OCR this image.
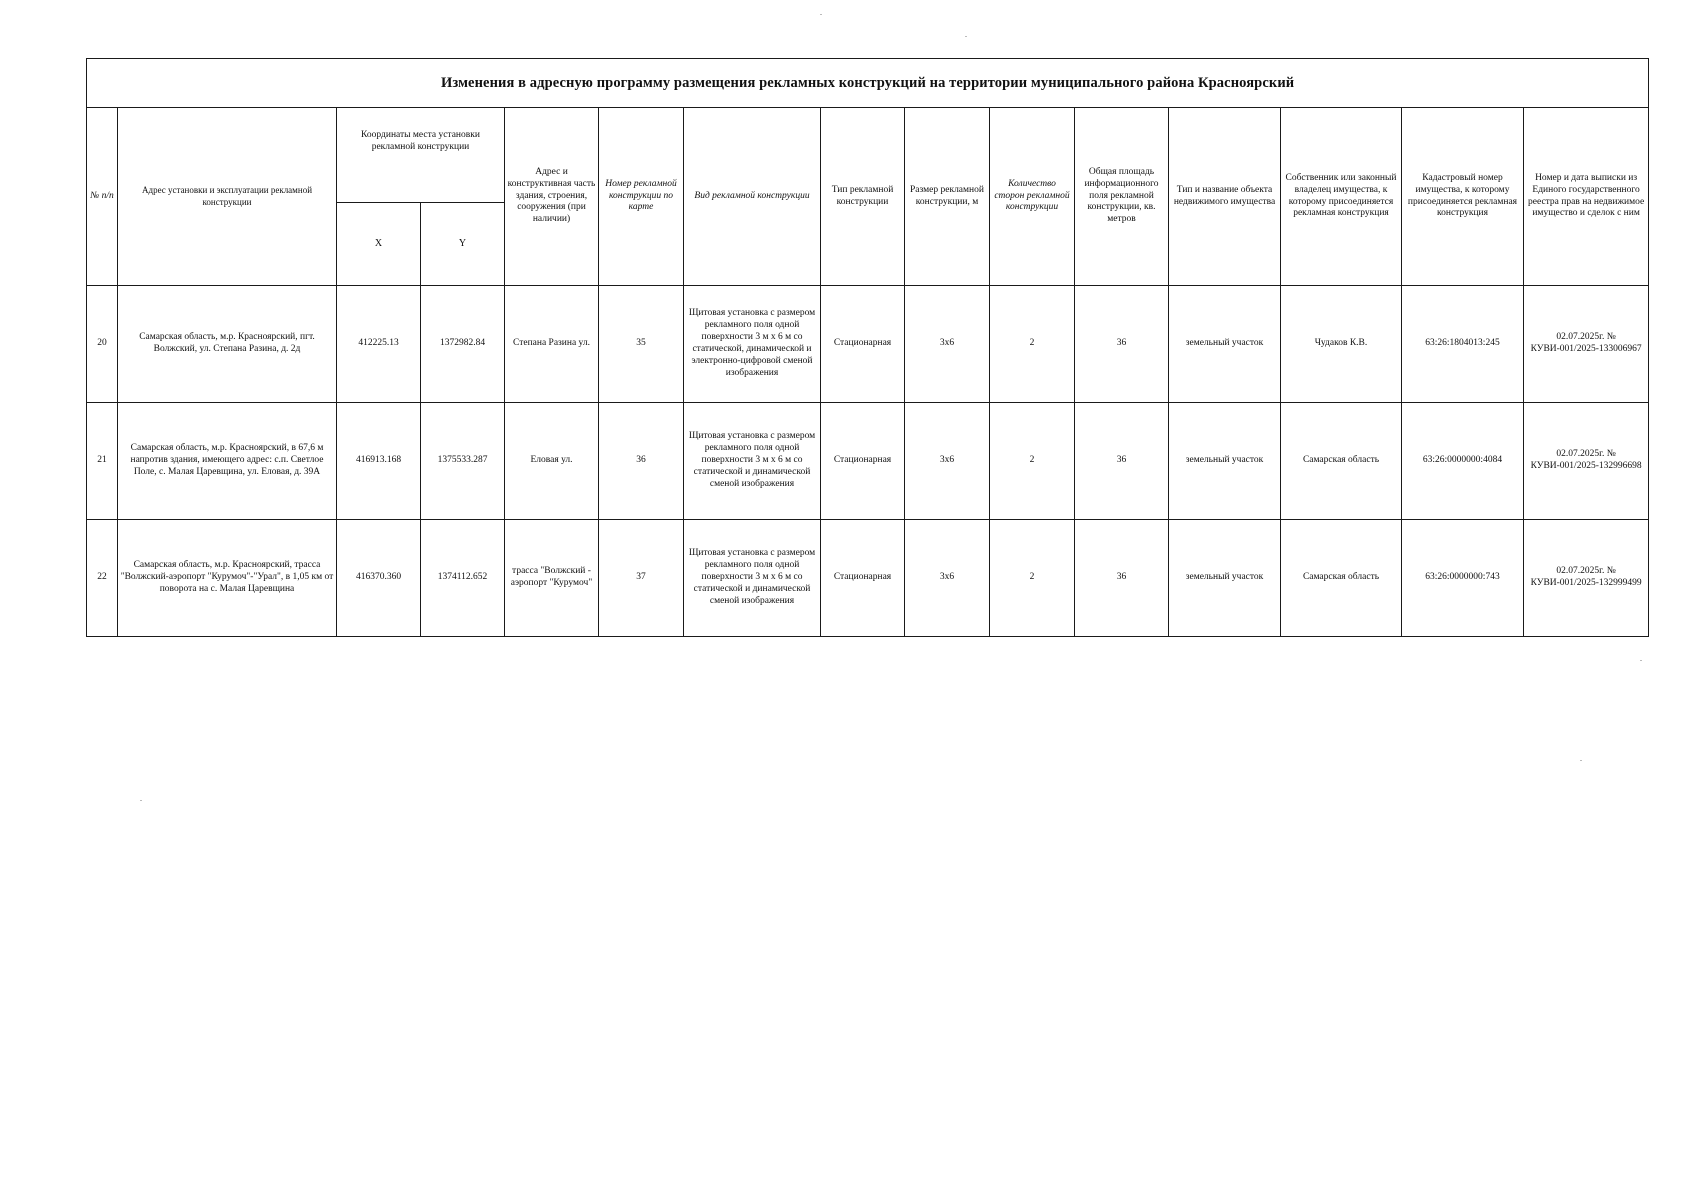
Изменения в адресную программу размещения рекламных конструкций на территории муниципального района Красноярский														
№ п/п	Адрес установки и эксплуатации рекламной конструкции	Координаты места установки рекламной конструкции		Адрес и конструктивная часть здания, строения, сооружения (при наличии)	Номер рекламной конструкции по карте	Вид рекламной конструкции	Тип рекламной конструкции	Размер рекламной конструкции, м	Количество сторон рекламной конструкции	Общая площадь информационного поля рекламной конструкции, кв. метров	Тип и название объекта недвижимого имущества	Собственник или законный владелец имущества, к которому присоединяется рекламная конструкция	Кадастровый номер имущества, к которому присоединяется рекламная конструкция	Номер и дата выписки из Единого государственного реестра прав на недвижимое имущество и сделок с ним
		X	Y											
20	Самарская область, м.р. Красноярский, пгт. Волжский, ул. Степана Разина, д. 2д	412225.13	1372982.84	Степана Разина ул.	35	Щитовая установка с размером рекламного поля одной поверхности 3 м х 6 м со статической, динамической и электронно-цифровой сменой изображения	Стационарная	3х6	2	36	земельный участок	Чудаков К.В.	63:26:1804013:245	02.07.2025г. № КУВИ-001/2025-133006967
21	Самарская область, м.р. Красноярский, в 67,6 м напротив здания, имеющего адрес: с.п. Светлое Поле, с. Малая Царевщина, ул. Еловая, д. 39А	416913.168	1375533.287	Еловая ул.	36	Щитовая установка с размером рекламного поля одной поверхности 3 м х 6 м со статической и динамической сменой изображения	Стационарная	3х6	2	36	земельный участок	Самарская область	63:26:0000000:4084	02.07.2025г. № КУВИ-001/2025-132996698
22	Самарская область, м.р. Красноярский, трасса "Волжский-аэропорт "Курумоч"-"Урал", в 1,05 км от поворота на с. Малая Царевщина	416370.360	1374112.652	трасса "Волжский - аэропорт "Курумоч"	37	Щитовая установка с размером рекламного поля одной поверхности 3 м х 6 м со статической и динамической сменой изображения	Стационарная	3х6	2	36	земельный участок	Самарская область	63:26:0000000:743	02.07.2025г. № КУВИ-001/2025-132999499
